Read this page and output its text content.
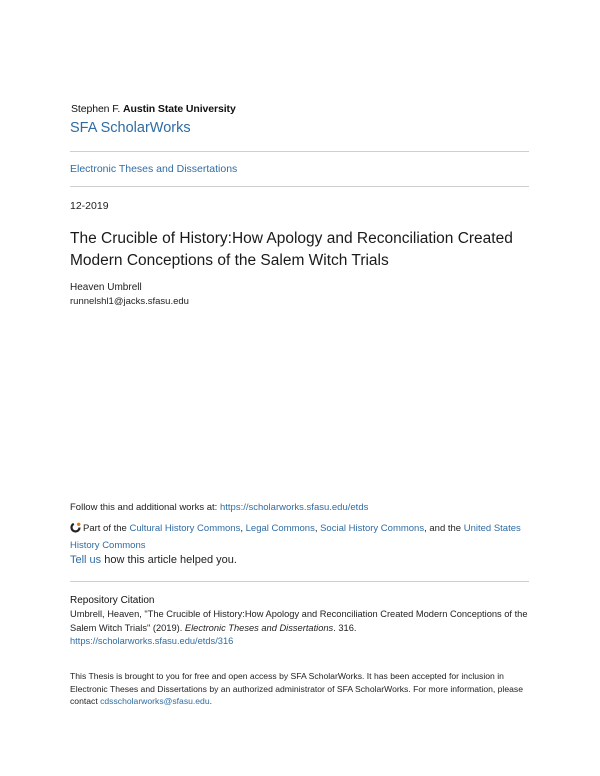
Stephen F. Austin State University
SFA ScholarWorks
Electronic Theses and Dissertations
12-2019
The Crucible of History:How Apology and Reconciliation Created Modern Conceptions of the Salem Witch Trials
Heaven Umbrell
runnelshl1@jacks.sfasu.edu
Follow this and additional works at: https://scholarworks.sfasu.edu/etds
Part of the Cultural History Commons, Legal Commons, Social History Commons, and the United States History Commons
Tell us how this article helped you.
Repository Citation
Umbrell, Heaven, "The Crucible of History:How Apology and Reconciliation Created Modern Conceptions of the Salem Witch Trials" (2019). Electronic Theses and Dissertations. 316.
https://scholarworks.sfasu.edu/etds/316
This Thesis is brought to you for free and open access by SFA ScholarWorks. It has been accepted for inclusion in Electronic Theses and Dissertations by an authorized administrator of SFA ScholarWorks. For more information, please contact cdsscholarworks@sfasu.edu.
